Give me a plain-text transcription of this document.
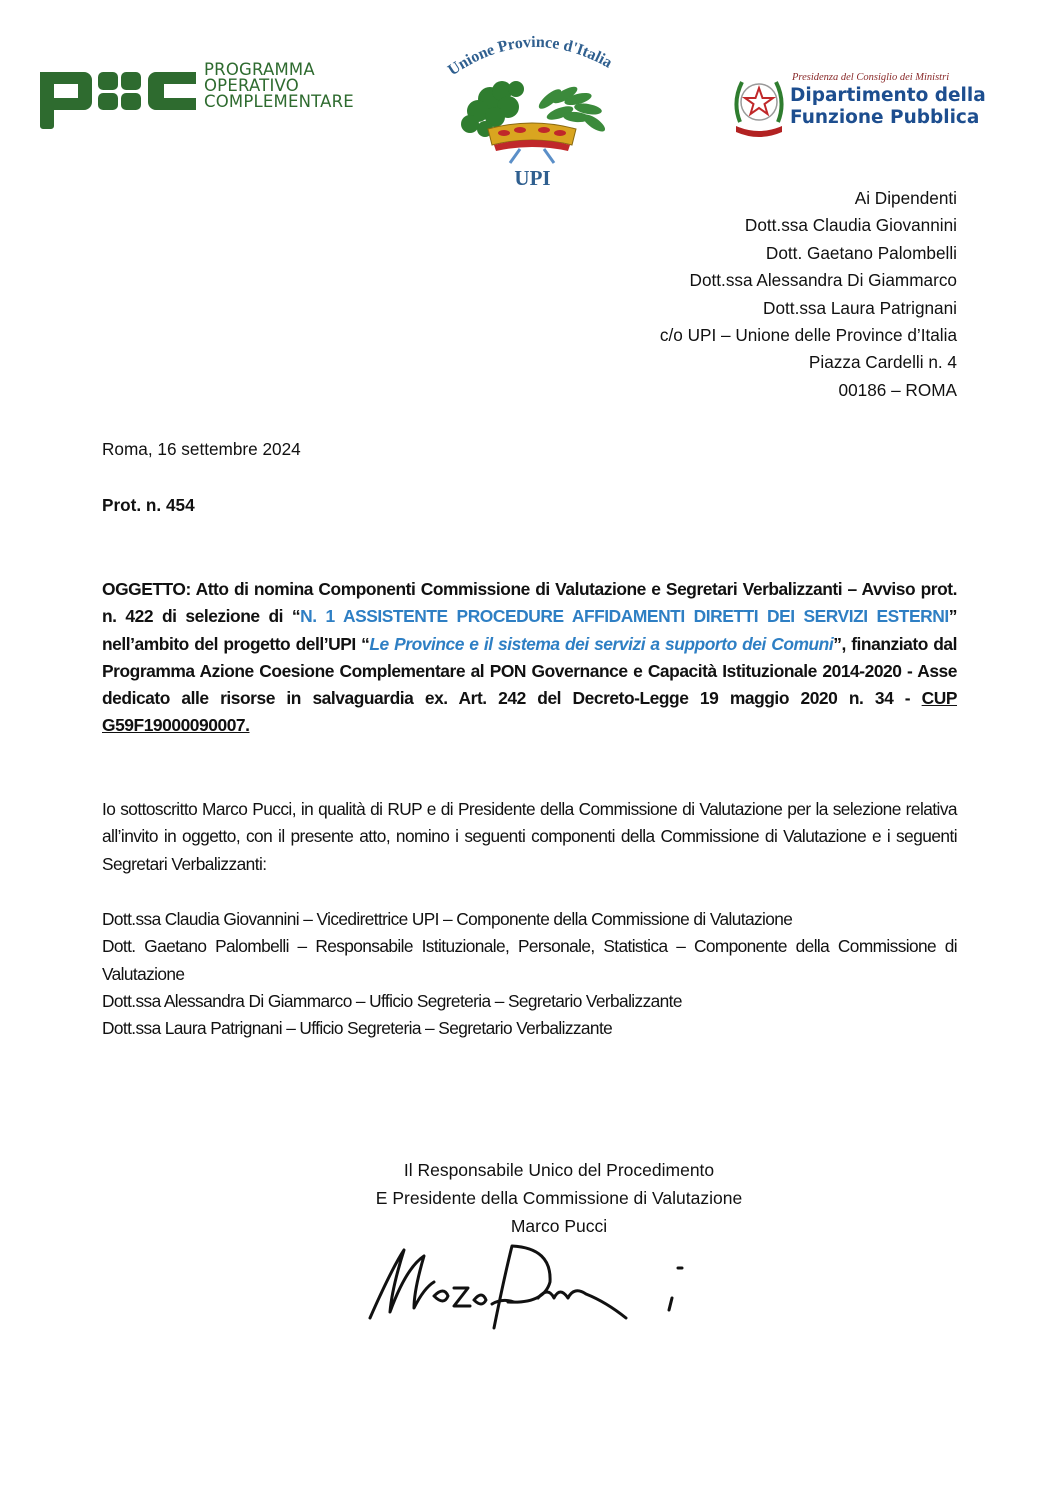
PROGRAMMA
OPERATIVO
COMPLEMENTARE
Unione Province d'Italia
UPI
Presidenza del Consiglio dei Ministri
Dipartimento della
Funzione Pubblica
Ai Dipendenti
Dott.ssa Claudia Giovannini
Dott. Gaetano Palombelli
Dott.ssa Alessandra Di Giammarco
Dott.ssa Laura Patrignani
c/o UPI – Unione delle Province d’Italia
Piazza Cardelli n. 4
00186 – ROMA
Roma, 16 settembre 2024
Prot. n. 454
OGGETTO: Atto di nomina Componenti Commissione di Valutazione e Segretari Verbalizzanti – Avviso prot. n. 422 di selezione di “N. 1 ASSISTENTE PROCEDURE AFFIDAMENTI DIRETTI DEI SERVIZI ESTERNI” nell’ambito del progetto dell’UPI “Le Province e il sistema dei servizi a supporto dei Comuni”, finanziato dal Programma Azione Coesione Complementare al PON Governance e Capacità Istituzionale 2014-2020 - Asse dedicato alle risorse in salvaguardia ex. Art. 242 del Decreto-Legge 19 maggio 2020 n. 34 - CUP G59F19000090007.
Io sottoscritto Marco Pucci, in qualità di RUP e di Presidente della Commissione di Valutazione per la selezione relativa all’invito in oggetto, con il presente atto, nomino i seguenti componenti della Commissione di Valutazione e i seguenti Segretari Verbalizzanti:
Dott.ssa Claudia Giovannini – Vicedirettrice UPI – Componente della Commissione di Valutazione
Dott. Gaetano Palombelli – Responsabile Istituzionale, Personale, Statistica – Componente della Commissione di Valutazione
Dott.ssa Alessandra Di Giammarco – Ufficio Segreteria – Segretario Verbalizzante
Dott.ssa Laura Patrignani – Ufficio Segreteria – Segretario Verbalizzante
Il Responsabile Unico del Procedimento
E Presidente della Commissione di Valutazione
Marco Pucci
